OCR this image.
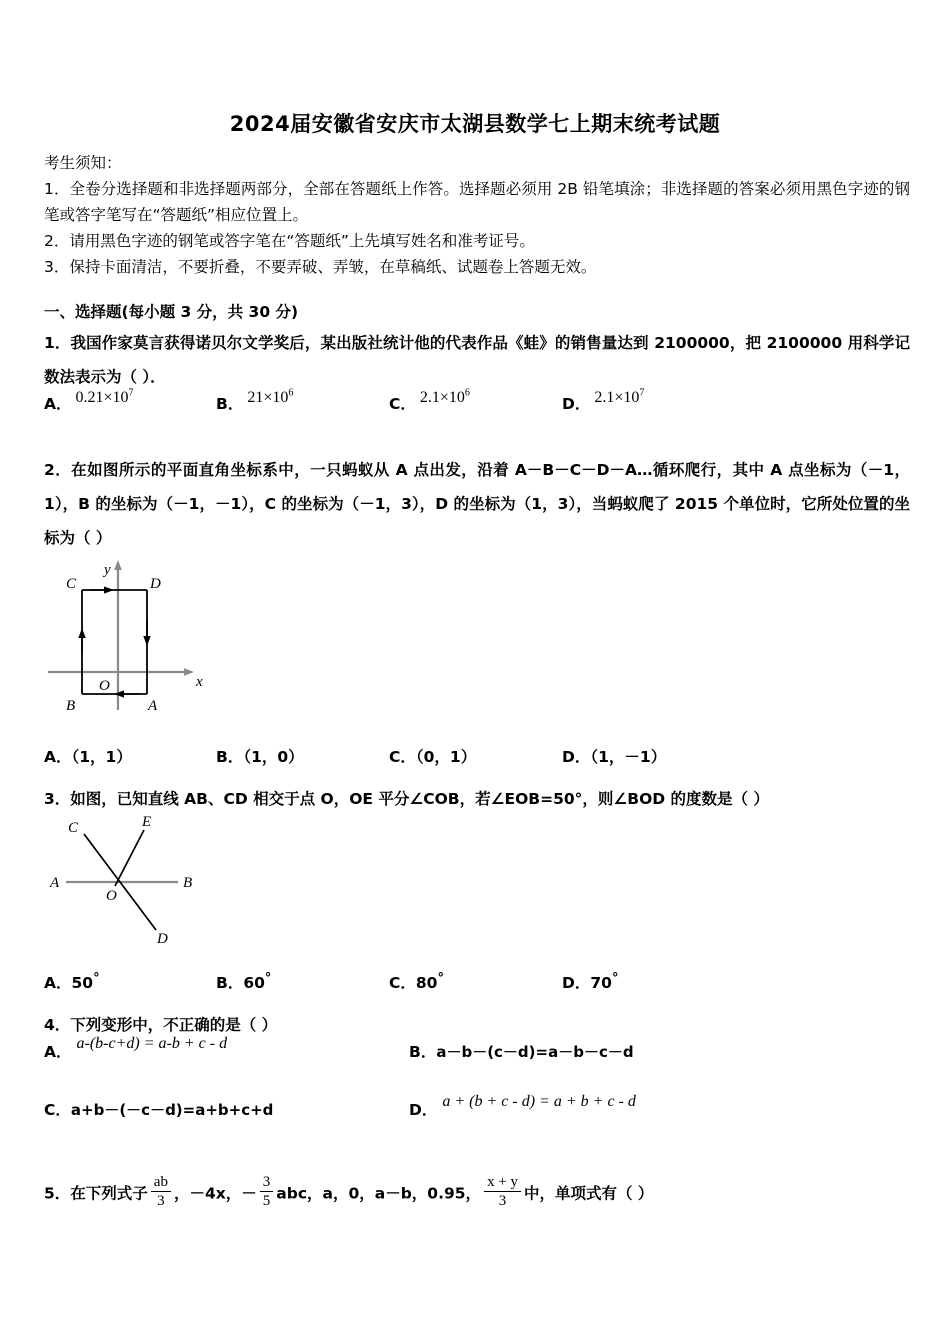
2024届安徽省安庆市太湖县数学七上期末统考试题
考生须知：
1．全卷分选择题和非选择题两部分，全部在答题纸上作答。选择题必须用 2B 铅笔填涂；非选择题的答案必须用黑色字迹的钢笔或答字笔写在“答题纸”相应位置上。
2．请用黑色字迹的钢笔或答字笔在“答题纸”上先填写姓名和准考证号。
3．保持卡面清洁，不要折叠，不要弄破、弄皱，在草稿纸、试题卷上答题无效。
一、选择题(每小题 3 分，共 30 分)
1．我国作家莫言获得诺贝尔文学奖后，某出版社统计他的代表作品《蛙》的销售量达到 2100000，把 2100000 用科学记数法表示为（ ）．
A． $0.21\times 10^7$
B． $21\times 10^6$
C． $2.1\times 10^6$
D． $2.1\times 10^7$
2．在如图所示的平面直角坐标系中，一只蚂蚁从 A 点出发，沿着 A－B－C－D－A…循环爬行，其中 A 点坐标为（－1，1），B 的坐标为（－1，－1），C 的坐标为（－1，3），D 的坐标为（1，3），当蚂蚁爬了 2015 个单位时，它所处位置的坐标为（ ）
C	D
B	A
O	x
y
A．（1，1）	B．（1，0）	C．（0，1）	D．（1，－1）
3．如图，已知直线 AB、CD 相交于点 O，OE 平分∠COB，若∠EOB=50°，则∠BOD 的度数是（ ）
A	B
C
D
E
O
A．50°	B．60°	C．80°	D．70°
4．下列变形中，不正确的是（ ）
A． a-(b-c+d) = a-b + c - d	B．a－b－(c－d)=a－b－c－d
C．a+b－(－c－d)=a+b+c+d	D． a + (b + c - d) = a + b + c - d
5．在下列式子 $\frac{ab}{3}$ ，－4x，－ $\frac{3}{5}$ abc，a，0，a－b，0.95， $\frac{x + y}{3}$ 中，单项式有（ ）
